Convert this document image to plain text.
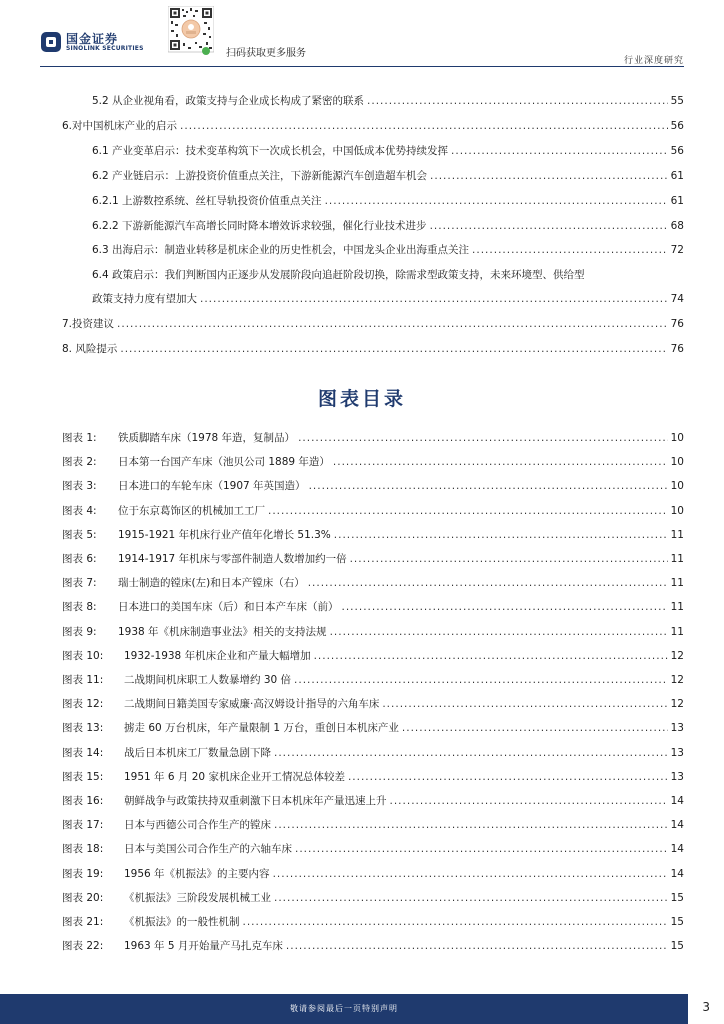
国金证券
SINOLINK SECURITIES	扫码获取更多服务
行业深度研究
5.2 从企业视角看，政策支持与企业成长构成了紧密的联系 .....	55
6.对中国机床产业的启示 .....	56
6.1 产业变革启示：技术变革构筑下一次成长机会，中国低成本优势持续发挥 .....	56
6.2 产业链启示：上游投资价值重点关注，下游新能源汽车创造超车机会 .....	61
6.2.1 上游数控系统、丝杠导轨投资价值重点关注 .....	61
6.2.2 下游新能源汽车高增长同时降本增效诉求较强，催化行业技术进步 .....	68
6.3 出海启示：制造业转移是机床企业的历史性机会，中国龙头企业出海重点关注 .....	72
6.4 政策启示：我们判断国内正逐步从发展阶段向追赶阶段切换，除需求型政策支持，未来环境型、供给型
政策支持力度有望加大 .....	74
7.投资建议 .....	76
8. 风险提示 .....	76
图表目录
图表 1:	铁质脚踏车床（1978 年造，复制品） .....	10
图表 2:	日本第一台国产车床（池贝公司 1889 年造） .....	10
图表 3:	日本进口的车轮车床（1907 年英国造） .....	10
图表 4:	位于东京葛饰区的机械加工工厂 .....	10
图表 5:	1915-1921 年机床行业产值年化增长 51.3% .....	11
图表 6:	1914-1917 年机床与零部件制造人数增加约一倍 .....	11
图表 7:	瑞士制造的镗床(左)和日本产镗床（右） .....	11
图表 8:	日本进口的美国车床（后）和日本产车床（前） .....	11
图表 9:	1938 年《机床制造事业法》相关的支持法规 .....	11
图表 10:	1932-1938 年机床企业和产量大幅增加 .....	12
图表 11:	二战期间机床职工人数暴增约 30 倍 .....	12
图表 12:	二战期间日籍美国专家威廉·高汉姆设计指导的六角车床 .....	12
图表 13:	掳走 60 万台机床，年产量限制 1 万台，重创日本机床产业 .....	13
图表 14:	战后日本机床工厂数量急剧下降 .....	13
图表 15:	1951 年 6 月 20 家机床企业开工情况总体较差 .....	13
图表 16:	朝鲜战争与政策扶持双重刺激下日本机床年产量迅速上升 .....	14
图表 17:	日本与西德公司合作生产的镗床 .....	14
图表 18:	日本与美国公司合作生产的六轴车床 .....	14
图表 19:	1956 年《机振法》的主要内容 .....	14
图表 20:	《机振法》三阶段发展机械工业 .....	15
图表 21:	《机振法》的一般性机制 .....	15
图表 22:	1963 年 5 月开始量产马扎克车床 .....	15
敬请参阅最后一页特别声明	3
